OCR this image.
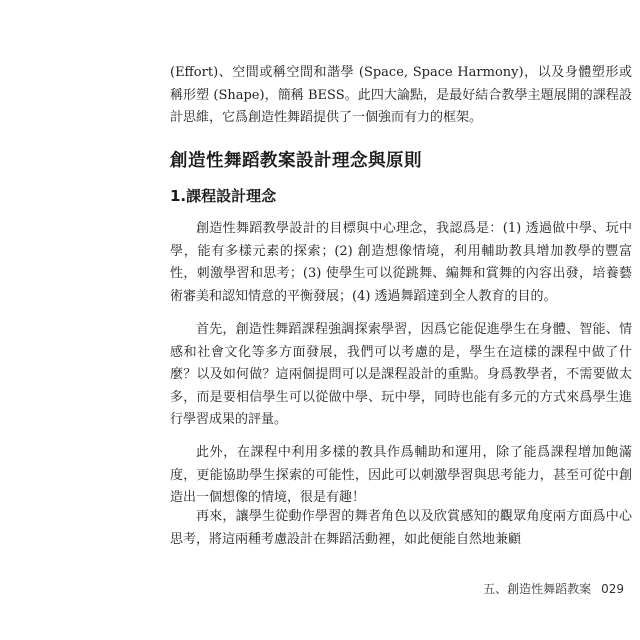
(Effort)、空間或稱空間和諧學 (Space, Space Harmony)，以及身體塑形或稱形塑 (Shape)，簡稱 BESS。此四大論點，是最好結合教學主題展開的課程設計思維，它爲創造性舞蹈提供了一個強而有力的框架。

創造性舞蹈教案設計理念與原則
1.課程設計理念

創造性舞蹈教學設計的目標與中心理念，我認爲是：(1) 透過做中學、玩中學，能有多樣元素的探索；(2) 創造想像情境，利用輔助教具增加教學的豐富性，刺激學習和思考；(3) 使學生可以從跳舞、編舞和賞舞的內容出發，培養藝術審美和認知情意的平衡發展；(4) 透過舞蹈達到全人教育的目的。

首先，創造性舞蹈課程強調探索學習，因爲它能促進學生在身體、智能、情感和社會文化等多方面發展，我們可以考慮的是，學生在這樣的課程中做了什麼？以及如何做？這兩個提問可以是課程設計的重點。身爲教學者，不需要做太多，而是要相信學生可以從做中學、玩中學，同時也能有多元的方式來爲學生進行學習成果的評量。

此外，在課程中利用多樣的教具作爲輔助和運用，除了能爲課程增加飽滿度，更能協助學生探索的可能性，因此可以刺激學習與思考能力，甚至可從中創造出一個想像的情境，很是有趣！

再來，讓學生從動作學習的舞者角色以及欣賞感知的觀眾角度兩方面爲中心思考，將這兩種考慮設計在舞蹈活動裡，如此便能自然地兼顧

五、創造性舞蹈教案 029
